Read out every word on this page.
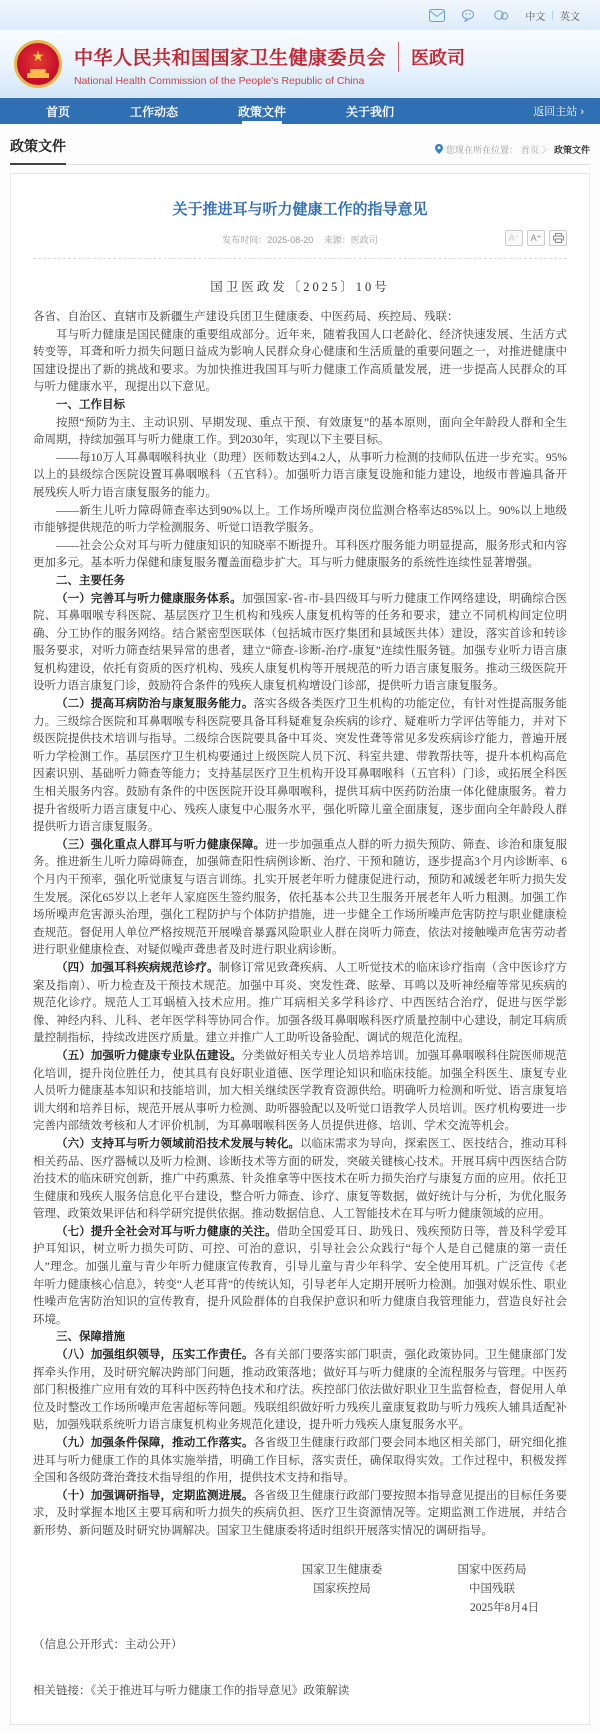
中文 | 英文
★ 中华人民共和国国家卫生健康委员会 医政司
National Health Commission of the People's Republic of China
首页	工作动态	政策文件	关于我们	返回主站 ›
政策文件	您现在所在位置： 首页 〉 政策文件
关于推进耳与听力健康工作的指导意见
发布时间：2025-08-20 来源：医政司	A⁻	A⁺
国卫医政发〔2025〕10号

各省、自治区、直辖市及新疆生产建设兵团卫生健康委、中医药局、疾控局、残联：

耳与听力健康是国民健康的重要组成部分。近年来，随着我国人口老龄化、经济快速发展、生活方式转变等，耳聋和听力损失问题日益成为影响人民群众身心健康和生活质量的重要问题之一，对推进健康中国建设提出了新的挑战和要求。为加快推进我国耳与听力健康工作高质量发展，进一步提高人民群众的耳与听力健康水平，现提出以下意见。

一、工作目标

按照“预防为主、主动识别、早期发现、重点干预、有效康复”的基本原则，面向全年龄段人群和全生命周期，持续加强耳与听力健康工作。到2030年，实现以下主要目标。

——每10万人耳鼻咽喉科执业（助理）医师数达到4.2人，从事听力检测的技师队伍进一步充实。95%以上的县级综合医院设置耳鼻咽喉科（五官科）。加强听力语言康复设施和能力建设，地级市普遍具备开展残疾人听力语言康复服务的能力。

——新生儿听力障碍筛查率达到90%以上。工作场所噪声岗位监测合格率达85%以上。90%以上地级市能够提供规范的听力学检测服务、听觉口语教学服务。

——社会公众对耳与听力健康知识的知晓率不断提升。耳科医疗服务能力明显提高，服务形式和内容更加多元。基本听力保健和康复服务覆盖面稳步扩大。耳与听力健康服务的系统性连续性显著增强。

二、主要任务

（一）完善耳与听力健康服务体系。加强国家-省-市-县四级耳与听力健康工作网络建设，明确综合医院、耳鼻咽喉专科医院、基层医疗卫生机构和残疾人康复机构等的任务和要求，建立不同机构间定位明确、分工协作的服务网络。结合紧密型医联体（包括城市医疗集团和县域医共体）建设，落实首诊和转诊服务要求，对听力筛查结果异常的患者，建立“筛查-诊断-治疗-康复”连续性服务链。加强专业听力语言康复机构建设，依托有资质的医疗机构、残疾人康复机构等开展规范的听力语言康复服务。推动三级医院开设听力语言康复门诊，鼓励符合条件的残疾人康复机构增设门诊部，提供听力语言康复服务。

（二）提高耳病防治与康复服务能力。落实各级各类医疗卫生机构的功能定位，有针对性提高服务能力。三级综合医院和耳鼻咽喉专科医院要具备耳科疑难复杂疾病的诊疗、疑难听力学评估等能力，并对下级医院提供技术培训与指导。二级综合医院要具备中耳炎、突发性聋等常见多发疾病诊疗能力，普遍开展听力学检测工作。基层医疗卫生机构要通过上级医院人员下沉、科室共建、带教帮扶等，提升本机构高危因素识别、基础听力筛查等能力；支持基层医疗卫生机构开设耳鼻咽喉科（五官科）门诊，或拓展全科医生相关服务内容。鼓励有条件的中医医院开设耳鼻咽喉科，提供耳病中医药防治康一体化健康服务。着力提升省级听力语言康复中心、残疾人康复中心服务水平，强化听障儿童全面康复，逐步面向全年龄段人群提供听力语言康复服务。

（三）强化重点人群耳与听力健康保障。进一步加强重点人群的听力损失预防、筛查、诊治和康复服务。推进新生儿听力障碍筛查，加强筛查阳性病例诊断、治疗、干预和随访，逐步提高3个月内诊断率、6个月内干预率，强化听觉康复与语言训练。扎实开展老年听力健康促进行动，预防和减缓老年听力损失发生发展。深化65岁以上老年人家庭医生签约服务，依托基本公共卫生服务开展老年人听力粗测。加强工作场所噪声危害源头治理，强化工程防护与个体防护措施，进一步健全工作场所噪声危害防控与职业健康检查规范。督促用人单位严格按规范开展噪音暴露风险职业人群在岗听力筛查，依法对接触噪声危害劳动者进行职业健康检查、对疑似噪声聋患者及时进行职业病诊断。

（四）加强耳科疾病规范诊疗。制修订常见致聋疾病、人工听觉技术的临床诊疗指南（含中医诊疗方案及指南）、听力检查及干预技术规范。加强中耳炎、突发性聋、眩晕、耳鸣以及听神经瘤等常见疾病的规范化诊疗。规范人工耳蜗植入技术应用。推广耳病相关多学科诊疗、中西医结合治疗，促进与医学影像、神经内科、儿科、老年医学科等协同合作。加强各级耳鼻咽喉科医疗质量控制中心建设，制定耳病质量控制指标，持续改进医疗质量。建立并推广人工助听设备验配、调试的规范化流程。

（五）加强听力健康专业队伍建设。分类做好相关专业人员培养培训。加强耳鼻咽喉科住院医师规范化培训，提升岗位胜任力，使其具有良好职业道德、医学理论知识和临床技能。加强全科医生、康复专业人员听力健康基本知识和技能培训，加大相关继续医学教育资源供给。明确听力检测和听觉、语言康复培训大纲和培养目标，规范开展从事听力检测、助听器验配以及听觉口语教学人员培训。医疗机构要进一步完善内部绩效考核和人才评价机制，为耳鼻咽喉科医务人员提供进修、培训、学术交流等机会。

（六）支持耳与听力领域前沿技术发展与转化。以临床需求为导向，探索医工、医技结合，推动耳科相关药品、医疗器械以及听力检测、诊断技术等方面的研发，突破关键核心技术。开展耳病中西医结合防治技术的临床研究创新，推广中药熏蒸、针灸推拿等中医技术在听力损失治疗与康复方面的应用。依托卫生健康和残疾人服务信息化平台建设，整合听力筛查、诊疗、康复等数据，做好统计与分析，为优化服务管理、政策效果评估和科学研究提供依据。推动数据信息、人工智能技术在耳与听力健康领域的应用。

（七）提升全社会对耳与听力健康的关注。借助全国爱耳日、助残日、残疾预防日等，普及科学爱耳护耳知识，树立听力损失可防、可控、可治的意识，引导社会公众践行“每个人是自己健康的第一责任人”理念。加强儿童与青少年听力健康宣传教育，引导儿童与青少年科学、安全使用耳机。广泛宣传《老年听力健康核心信息》，转变“人老耳背”的传统认知，引导老年人定期开展听力检测。加强对娱乐性、职业性噪声危害防治知识的宣传教育，提升风险群体的自我保护意识和听力健康自我管理能力，营造良好社会环境。

三、保障措施

（八）加强组织领导，压实工作责任。各有关部门要落实部门职责，强化政策协同。卫生健康部门发挥牵头作用，及时研究解决跨部门问题，推动政策落地；做好耳与听力健康的全流程服务与管理。中医药部门积极推广应用有效的耳科中医药特色技术和疗法。疾控部门依法做好职业卫生监督检查，督促用人单位及时整改工作场所噪声危害超标等问题。残联组织做好听力残疾儿童康复救助与听力残疾人辅具适配补贴，加强残联系统听力语言康复机构业务规范化建设，提升听力残疾人康复服务水平。

（九）加强条件保障，推动工作落实。各省级卫生健康行政部门要会同本地区相关部门，研究细化推进耳与听力健康工作的具体实施举措，明确工作目标，落实责任，确保取得实效。工作过程中，积极发挥全国和各级防聋治聋技术指导组的作用，提供技术支持和指导。

（十）加强调研指导，定期监测进展。各省级卫生健康行政部门要按照本指导意见提出的目标任务要求，及时掌握本地区主要耳病和听力损失的疾病负担、医疗卫生资源情况等。定期监测工作进展，并结合新形势、新问题及时研究协调解决。国家卫生健康委将适时组织开展落实情况的调研指导。

国家卫生健康委	国家中医药局
国家疾控局	中国残联
2025年8月4日
（信息公开形式：主动公开）
相关链接：《关于推进耳与听力健康工作的指导意见》政策解读
